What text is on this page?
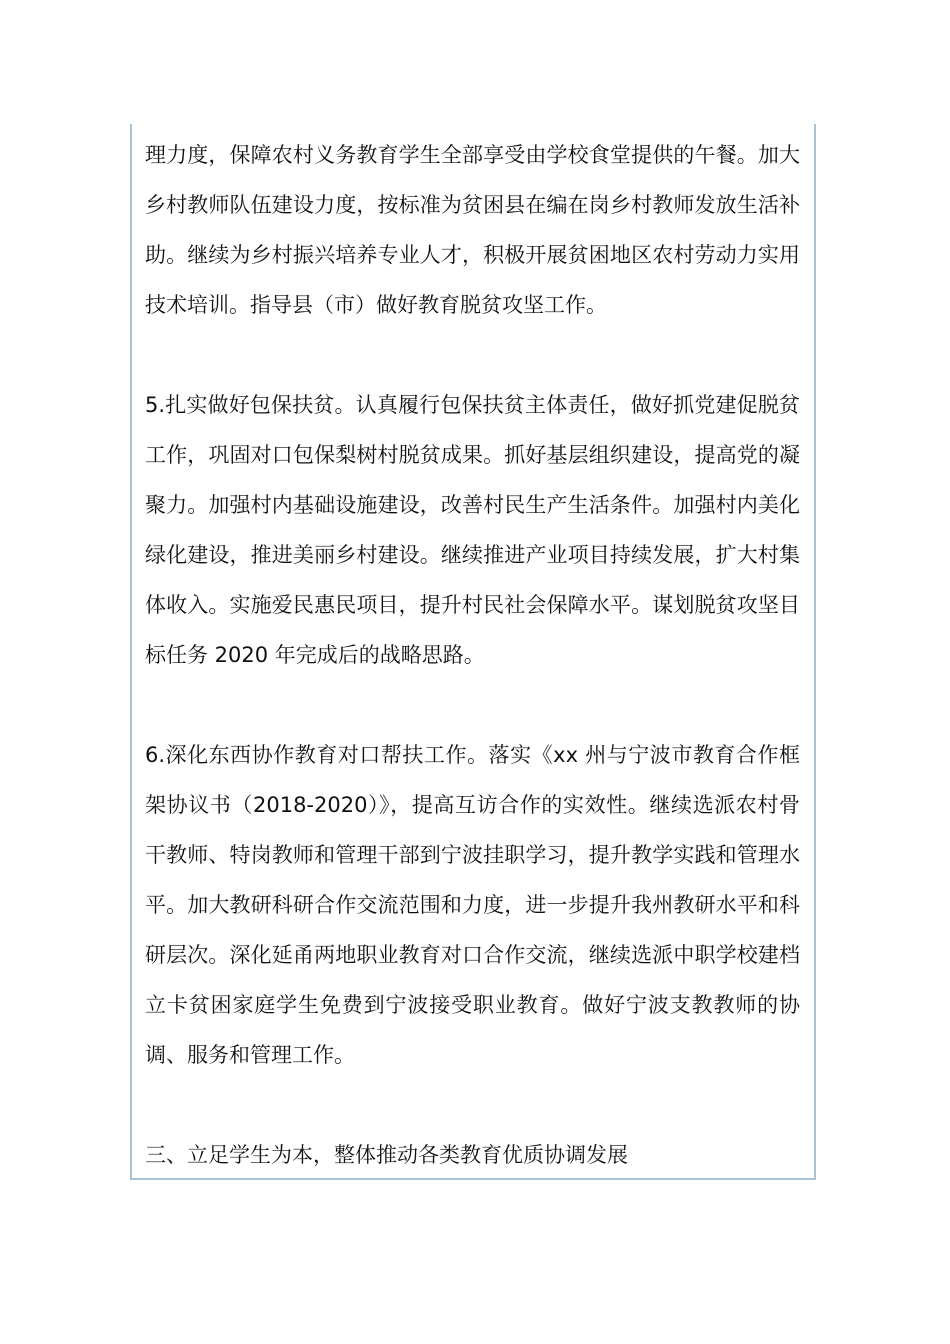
理力度，保障农村义务教育学生全部享受由学校食堂提供的午餐。加大乡村教师队伍建设力度，按标准为贫困县在编在岗乡村教师发放生活补助。继续为乡村振兴培养专业人才，积极开展贫困地区农村劳动力实用技术培训。指导县（市）做好教育脱贫攻坚工作。

5.扎实做好包保扶贫。认真履行包保扶贫主体责任，做好抓党建促脱贫工作，巩固对口包保梨树村脱贫成果。抓好基层组织建设，提高党的凝聚力。加强村内基础设施建设，改善村民生产生活条件。加强村内美化绿化建设，推进美丽乡村建设。继续推进产业项目持续发展，扩大村集体收入。实施爱民惠民项目，提升村民社会保障水平。谋划脱贫攻坚目标任务 2020 年完成后的战略思路。

6.深化东西协作教育对口帮扶工作。落实《xx 州与宁波市教育合作框架协议书（2018-2020）》，提高互访合作的实效性。继续选派农村骨干教师、特岗教师和管理干部到宁波挂职学习，提升教学实践和管理水平。加大教研科研合作交流范围和力度，进一步提升我州教研水平和科研层次。深化延甬两地职业教育对口合作交流，继续选派中职学校建档立卡贫困家庭学生免费到宁波接受职业教育。做好宁波支教教师的协调、服务和管理工作。

三、立足学生为本，整体推动各类教育优质协调发展
